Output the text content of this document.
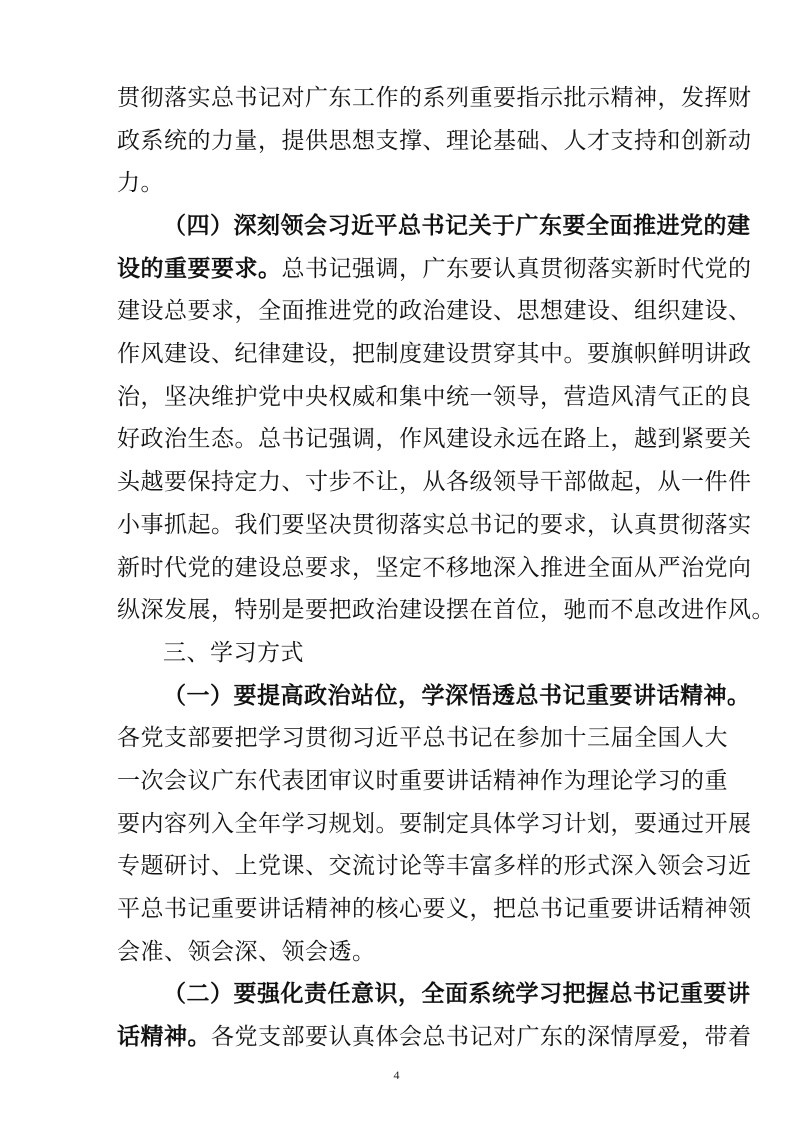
贯彻落实总书记对广东工作的系列重要指示批示精神，发挥财
政系统的力量，提供思想支撑、理论基础、人才支持和创新动
力。
（四）深刻领会习近平总书记关于广东要全面推进党的建
设的重要要求。总书记强调，广东要认真贯彻落实新时代党的
建设总要求，全面推进党的政治建设、思想建设、组织建设、
作风建设、纪律建设，把制度建设贯穿其中。要旗帜鲜明讲政
治，坚决维护党中央权威和集中统一领导，营造风清气正的良
好政治生态。总书记强调，作风建设永远在路上，越到紧要关
头越要保持定力、寸步不让，从各级领导干部做起，从一件件
小事抓起。我们要坚决贯彻落实总书记的要求，认真贯彻落实
新时代党的建设总要求，坚定不移地深入推进全面从严治党向
纵深发展，特别是要把政治建设摆在首位，驰而不息改进作风。
三、学习方式
（一）要提高政治站位，学深悟透总书记重要讲话精神。
各党支部要把学习贯彻习近平总书记在参加十三届全国人大
一次会议广东代表团审议时重要讲话精神作为理论学习的重
要内容列入全年学习规划。要制定具体学习计划，要通过开展
专题研讨、上党课、交流讨论等丰富多样的形式深入领会习近
平总书记重要讲话精神的核心要义，把总书记重要讲话精神领
会准、领会深、领会透。
（二）要强化责任意识，全面系统学习把握总书记重要讲
话精神。各党支部要认真体会总书记对广东的深情厚爱，带着
4
